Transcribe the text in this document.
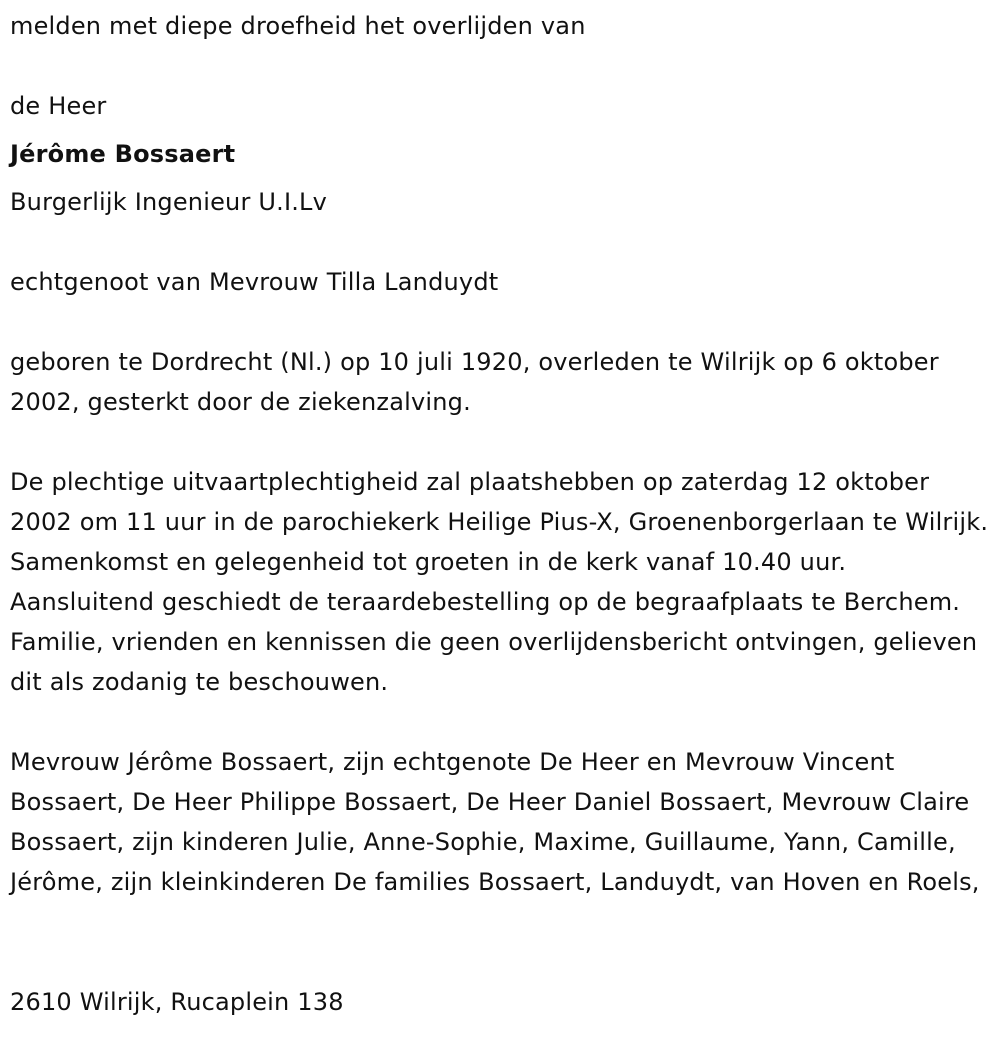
melden met diepe droefheid het overlijden van

de Heer

Jérôme Bossaert

Burgerlijk Ingenieur U.I.Lv

echtgenoot van Mevrouw Tilla Landuydt

geboren te Dordrecht (Nl.) op 10 juli 1920, overleden te Wilrijk op 6 oktober 2002, gesterkt door de ziekenzalving.

De plechtige uitvaartplechtigheid zal plaatshebben op zaterdag 12 oktober 2002 om 11 uur in de parochiekerk Heilige Pius-X, Groenenborgerlaan te Wilrijk. Samenkomst en gelegenheid tot groeten in de kerk vanaf 10.40 uur. Aansluitend geschiedt de teraardebestelling op de begraafplaats te Berchem. Familie, vrienden en kennissen die geen overlijdensbericht ontvingen, gelieven dit als zodanig te beschouwen.

Mevrouw Jérôme Bossaert, zijn echtgenote De Heer en Mevrouw Vincent Bossaert, De Heer Philippe Bossaert, De Heer Daniel Bossaert, Mevrouw Claire Bossaert, zijn kinderen Julie, Anne-Sophie, Maxime, Guillaume, Yann, Camille, Jérôme, zijn kleinkinderen De families Bossaert, Landuydt, van Hoven en Roels,

2610 Wilrijk, Rucaplein 138
